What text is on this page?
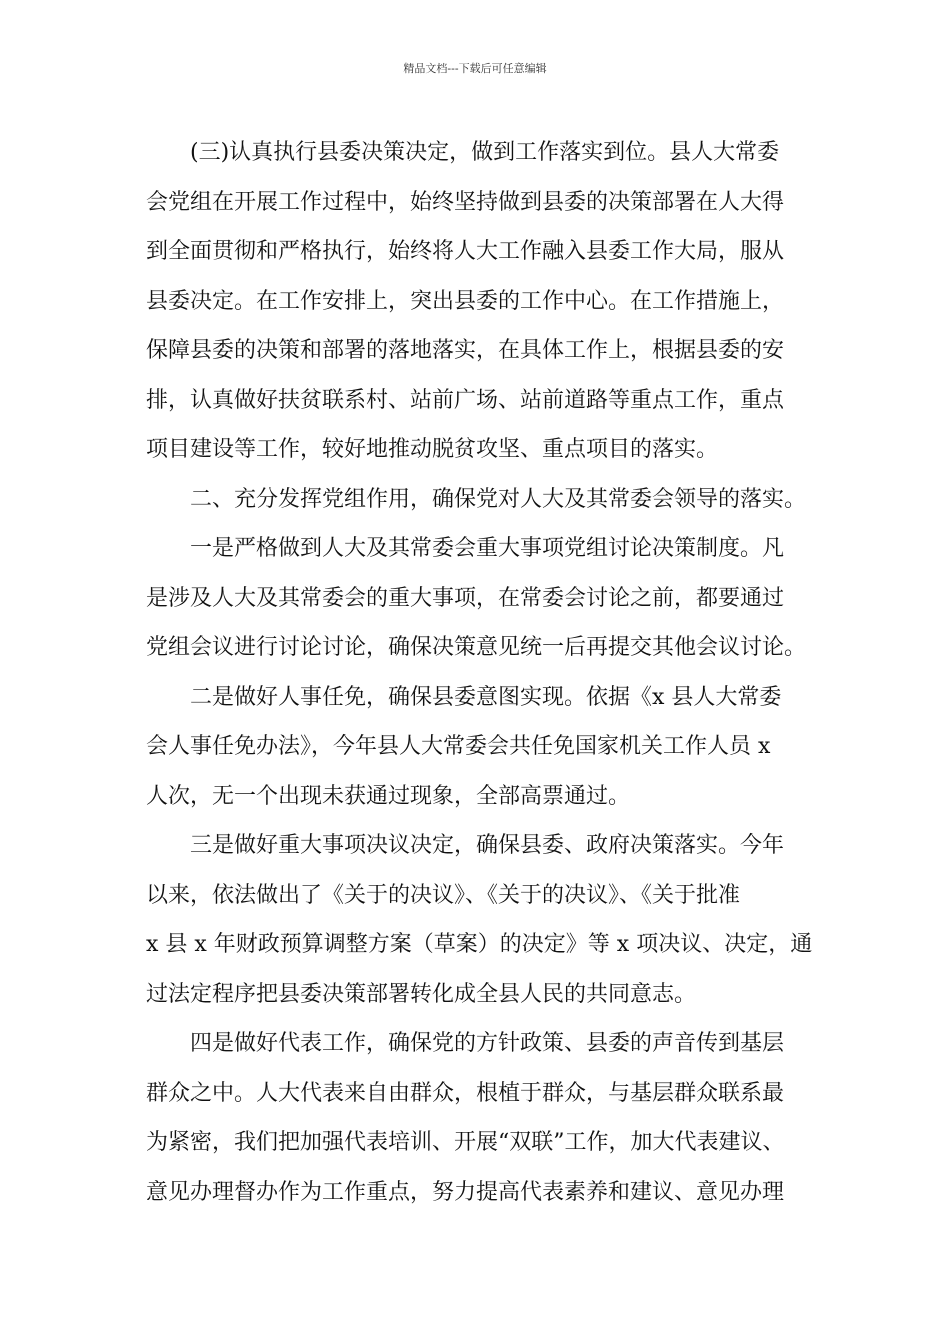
精品文档---下载后可任意编辑
(三)认真执行县委决策决定，做到工作落实到位。县人大常委
会党组在开展工作过程中，始终坚持做到县委的决策部署在人大得
到全面贯彻和严格执行，始终将人大工作融入县委工作大局，服从
县委决定。在工作安排上，突出县委的工作中心。在工作措施上，
保障县委的决策和部署的落地落实，在具体工作上，根据县委的安
排，认真做好扶贫联系村、站前广场、站前道路等重点工作，重点
项目建设等工作，较好地推动脱贫攻坚、重点项目的落实。
二、充分发挥党组作用，确保党对人大及其常委会领导的落实。
一是严格做到人大及其常委会重大事项党组讨论决策制度。凡
是涉及人大及其常委会的重大事项，在常委会讨论之前，都要通过
党组会议进行讨论讨论，确保决策意见统一后再提交其他会议讨论。
二是做好人事任免，确保县委意图实现。依据《x 县人大常委
会人事任免办法》，今年县人大常委会共任免国家机关工作人员 x
人次，无一个出现未获通过现象，全部高票通过。
三是做好重大事项决议决定，确保县委、政府决策落实。今年
以来，依法做出了《关于的决议》、《关于的决议》、《关于批准
x 县 x 年财政预算调整方案（草案）的决定》等 x 项决议、决定，通
过法定程序把县委决策部署转化成全县人民的共同意志。
四是做好代表工作，确保党的方针政策、县委的声音传到基层
群众之中。人大代表来自由群众，根植于群众，与基层群众联系最
为紧密，我们把加强代表培训、开展“双联”工作，加大代表建议、
意见办理督办作为工作重点，努力提高代表素养和建议、意见办理
